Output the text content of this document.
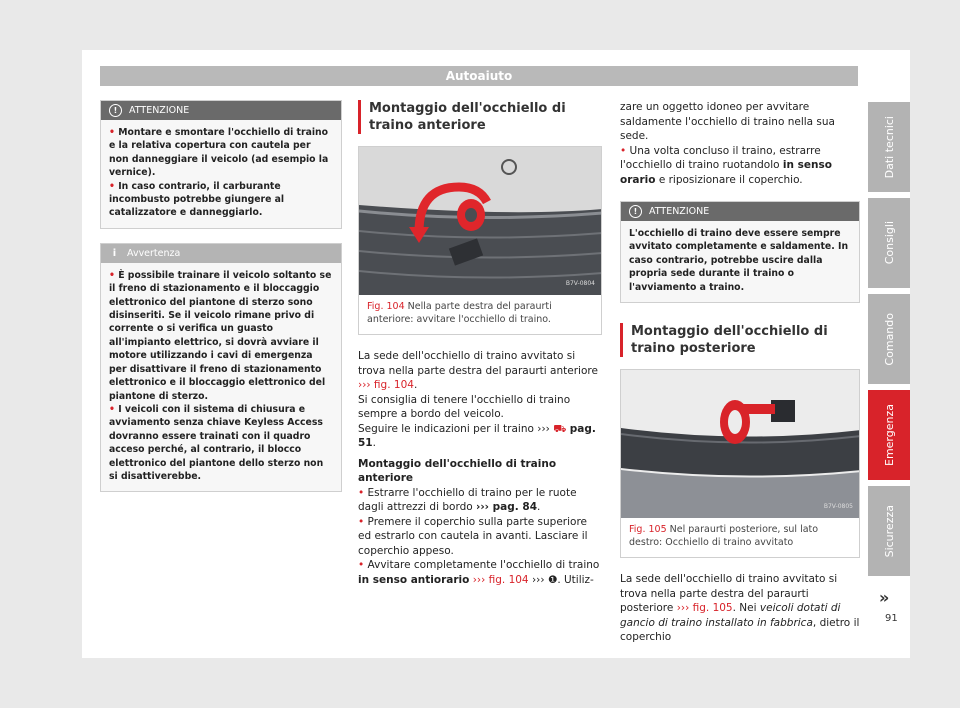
Autoaiuto
!	ATTENZIONE

• Montare e smontare l'occhiello di traino e la relativa copertura con cautela per non danneggiare il veicolo (ad esempio la vernice).

• In caso contrario, il carburante incombusto potrebbe giungere al catalizzatore e danneggiarlo.

i	Avvertenza

• È possibile trainare il veicolo soltanto se il freno di stazionamento e il bloccaggio elettronico del piantone di sterzo sono disinseriti. Se il veicolo rimane privo di corrente o si verifica un guasto all'impianto elettrico, si dovrà avviare il motore utilizzando i cavi di emergenza per disattivare il freno di stazionamento elettronico e il bloccaggio elettronico del piantone di sterzo.

• I veicoli con il sistema di chiusura e avviamento senza chiave Keyless Access dovranno essere trainati con il quadro acceso perché, al contrario, il blocco elettronico del piantone dello sterzo non si disattiverebbe.

Montaggio dell'occhiello di traino anteriore
B7V-0804
Fig. 104 Nella parte destra del paraurti anteriore: avvitare l'occhiello di traino.

La sede dell'occhiello di traino avvitato si trova nella parte destra del paraurti anteriore ››› fig. 104.

Si consiglia di tenere l'occhiello di traino sempre a bordo del veicolo.

Seguire le indicazioni per il traino ››› ⛟ pag. 51.

Montaggio dell'occhiello di traino anteriore

• Estrarre l'occhiello di traino per le ruote dagli attrezzi di bordo ››› pag. 84.

• Premere il coperchio sulla parte superiore ed estrarlo con cautela in avanti. Lasciare il coperchio appeso.

• Avvitare completamente l'occhiello di traino in senso antiorario ››› fig. 104 ››› ❶. Utiliz-

zare un oggetto idoneo per avvitare saldamente l'occhiello di traino nella sua sede.

• Una volta concluso il traino, estrarre l'occhiello di traino ruotandolo in senso orario e riposizionare il coperchio.

!	ATTENZIONE
L'occhiello di traino deve essere sempre avvitato completamente e saldamente. In caso contrario, potrebbe uscire dalla propria sede durante il traino o l'avviamento a traino.
Montaggio dell'occhiello di traino posteriore
B7V-0805
Fig. 105 Nel paraurti posteriore, sul lato destro: Occhiello di traino avvitato

La sede dell'occhiello di traino avvitato si trova nella parte destra del paraurti posteriore ››› fig. 105. Nei veicoli dotati di gancio di traino installato in fabbrica, dietro il coperchio

Dati tecnici
Consigli
Comando
Emergenza
Sicurezza
»
91
